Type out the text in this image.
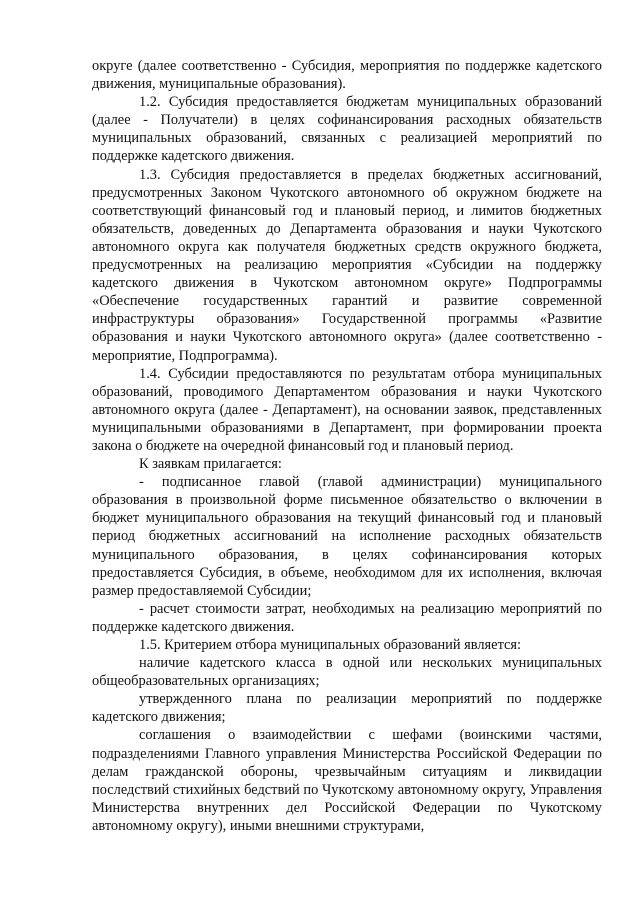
округе (далее соответственно - Субсидия, мероприятия по поддержке кадетского движения, муниципальные образования).

1.2. Субсидия предоставляется бюджетам муниципальных образований (далее - Получатели) в целях софинансирования расходных обязательств муниципальных образований, связанных с реализацией мероприятий по поддержке кадетского движения.

1.3. Субсидия предоставляется в пределах бюджетных ассигнований, предусмотренных Законом Чукотского автономного об окружном бюджете на соответствующий финансовый год и плановый период, и лимитов бюджетных обязательств, доведенных до Департамента образования и науки Чукотского автономного округа как получателя бюджетных средств окружного бюджета, предусмотренных на реализацию мероприятия «Субсидии на поддержку кадетского движения в Чукотском автономном округе» Подпрограммы «Обеспечение государственных гарантий и развитие современной инфраструктуры образования» Государственной программы «Развитие образования и науки Чукотского автономного округа» (далее соответственно - мероприятие, Подпрограмма).

1.4. Субсидии предоставляются по результатам отбора муниципальных образований, проводимого Департаментом образования и науки Чукотского автономного округа (далее - Департамент), на основании заявок, представленных муниципальными образованиями в Департамент, при формировании проекта закона о бюджете на очередной финансовый год и плановый период.

К заявкам прилагается:

- подписанное главой (главой администрации) муниципального образования в произвольной форме письменное обязательство о включении в бюджет муниципального образования на текущий финансовый год и плановый период бюджетных ассигнований на исполнение расходных обязательств муниципального образования, в целях софинансирования которых предоставляется Субсидия, в объеме, необходимом для их исполнения, включая размер предоставляемой Субсидии;

- расчет стоимости затрат, необходимых на реализацию мероприятий по поддержке кадетского движения.

1.5. Критерием отбора муниципальных образований является:

наличие кадетского класса в одной или нескольких муниципальных общеобразовательных организациях;

утвержденного плана по реализации мероприятий по поддержке кадетского движения;

соглашения о взаимодействии с шефами (воинскими частями, подразделениями Главного управления Министерства Российской Федерации по делам гражданской обороны, чрезвычайным ситуациям и ликвидации последствий стихийных бедствий по Чукотскому автономному округу, Управления Министерства внутренних дел Российской Федерации по Чукотскому автономному округу), иными внешними структурами,
